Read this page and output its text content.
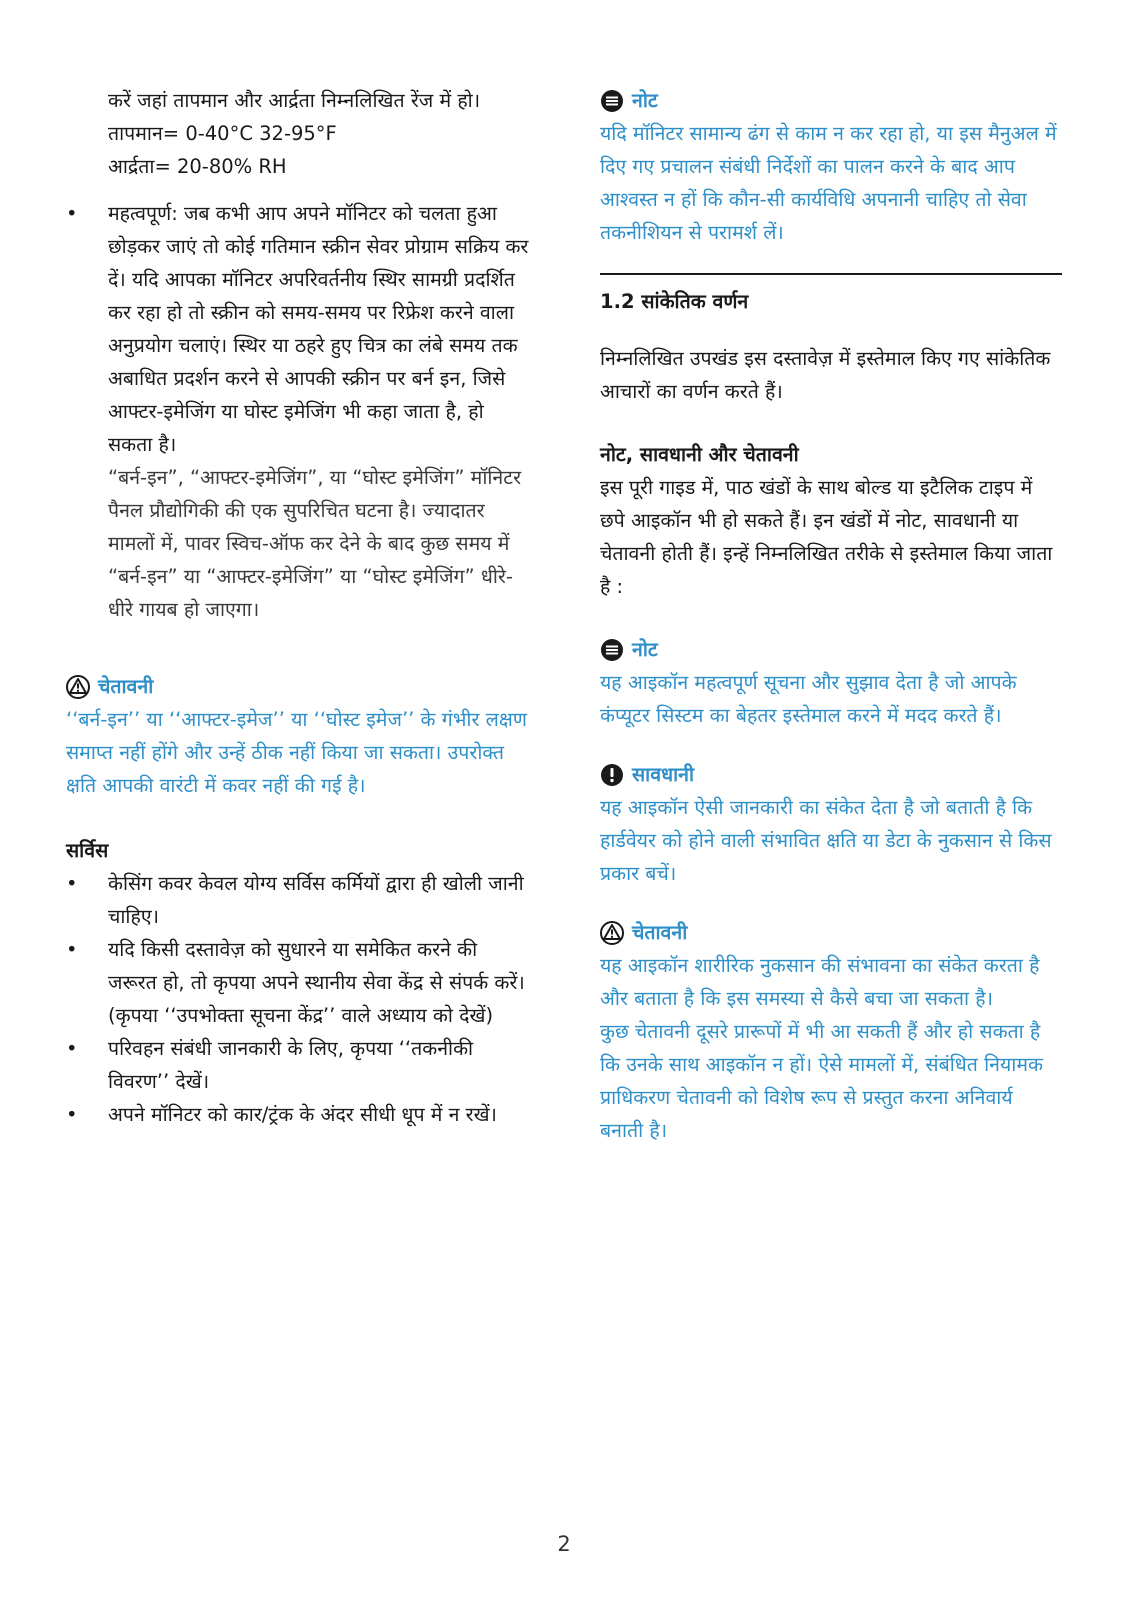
करें जहां तापमान और आर्द्रता निम्नलिखित रेंज में हो।

तापमान= 0-40°C 32-95°F

आर्द्रता= 20-80% RH

• महत्वपूर्ण: जब कभी आप अपने मॉनिटर को चलता हुआ छोड़कर जाएं तो कोई गतिमान स्क्रीन सेवर प्रोग्राम सक्रिय कर दें। यदि आपका मॉनिटर अपरिवर्तनीय स्थिर सामग्री प्रदर्शित कर रहा हो तो स्क्रीन को समय-समय पर रिफ्रेश करने वाला अनुप्रयोग चलाएं। स्थिर या ठहरे हुए चित्र का लंबे समय तक अबाधित प्रदर्शन करने से आपकी स्क्रीन पर बर्न इन, जिसे आफ्टर-इमेजिंग या घोस्ट इमेजिंग भी कहा जाता है, हो सकता है।

“बर्न-इन”, “आफ्टर-इमेजिंग”, या “घोस्ट इमेजिंग” मॉनिटर पैनल प्रौद्योगिकी की एक सुपरिचित घटना है। ज्यादातर मामलों में, पावर स्विच-ऑफ कर देने के बाद कुछ समय में “बर्न-इन” या “आफ्टर-इमेजिंग” या “घोस्ट इमेजिंग” धीरे-धीरे गायब हो जाएगा।

चेतावनी

‘‘बर्न-इन’’ या ‘‘आफ्टर-इमेज’’ या ‘‘घोस्ट इमेज’’ के गंभीर लक्षण समाप्त नहीं होंगे और उन्हें ठीक नहीं किया जा सकता। उपरोक्त क्षति आपकी वारंटी में कवर नहीं की गई है।

सर्विस

• केसिंग कवर केवल योग्य सर्विस कर्मियों द्वारा ही खोली जानी चाहिए।
• यदि किसी दस्तावेज़ को सुधारने या समेकित करने की जरूरत हो, तो कृपया अपने स्थानीय सेवा केंद्र से संपर्क करें। (कृपया ‘‘उपभोक्ता सूचना केंद्र’’ वाले अध्याय को देखें)
• परिवहन संबंधी जानकारी के लिए, कृपया ‘‘तकनीकी विवरण’’ देखें।
• अपने मॉनिटर को कार/ट्रंक के अंदर सीधी धूप में न रखें।
नोट

यदि मॉनिटर सामान्य ढंग से काम न कर रहा हो, या इस मैनुअल में दिए गए प्रचालन संबंधी निर्देशों का पालन करने के बाद आप आश्वस्त न हों कि कौन-सी कार्यविधि अपनानी चाहिए तो सेवा तकनीशियन से परामर्श लें।

1.2 सांकेतिक वर्णन

निम्नलिखित उपखंड इस दस्तावेज़ में इस्तेमाल किए गए सांकेतिक आचारों का वर्णन करते हैं।

नोट, सावधानी और चेतावनी

इस पूरी गाइड में, पाठ खंडों के साथ बोल्ड या इटैलिक टाइप में छपे आइकॉन भी हो सकते हैं। इन खंडों में नोट, सावधानी या चेतावनी होती हैं। इन्हें निम्नलिखित तरीके से इस्तेमाल किया जाता है :

नोट

यह आइकॉन महत्वपूर्ण सूचना और सुझाव देता है जो आपके कंप्यूटर सिस्टम का बेहतर इस्तेमाल करने में मदद करते हैं।

सावधानी

यह आइकॉन ऐसी जानकारी का संकेत देता है जो बताती है कि हार्डवेयर को होने वाली संभावित क्षति या डेटा के नुकसान से किस प्रकार बचें।

चेतावनी

यह आइकॉन शारीरिक नुकसान की संभावना का संकेत करता है और बताता है कि इस समस्या से कैसे बचा जा सकता है।

कुछ चेतावनी दूसरे प्रारूपों में भी आ सकती हैं और हो सकता है कि उनके साथ आइकॉन न हों। ऐसे मामलों में, संबंधित नियामक प्राधिकरण चेतावनी को विशेष रूप से प्रस्तुत करना अनिवार्य बनाती है।

2
